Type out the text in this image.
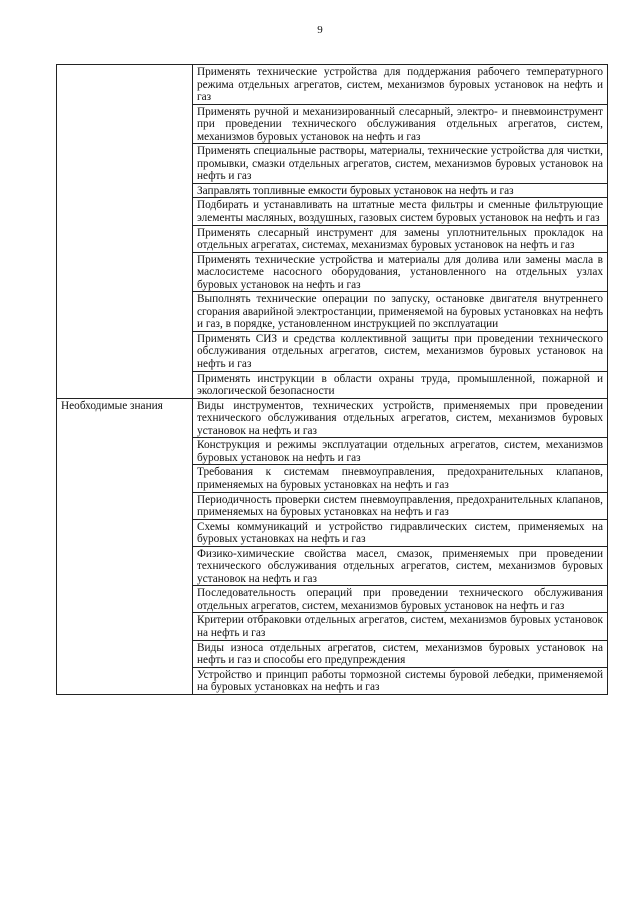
9
	Применять технические устройства для поддержания рабочего температурного режима отдельных агрегатов, систем, механизмов буровых установок на нефть и газ
	Применять ручной и механизированный слесарный, электро- и пневмоинструмент при проведении технического обслуживания отдельных агрегатов, систем, механизмов буровых установок на нефть и газ
	Применять специальные растворы, материалы, технические устройства для чистки, промывки, смазки отдельных агрегатов, систем, механизмов буровых установок на нефть и газ
	Заправлять топливные емкости буровых установок на нефть и газ
	Подбирать и устанавливать на штатные места фильтры и сменные фильтрующие элементы масляных, воздушных, газовых систем буровых установок на нефть и газ
	Применять слесарный инструмент для замены уплотнительных прокладок на отдельных агрегатах, системах, механизмах буровых установок на нефть и газ
	Применять технические устройства и материалы для долива или замены масла в маслосистеме насосного оборудования, установленного на отдельных узлах буровых установок на нефть и газ
	Выполнять технические операции по запуску, остановке двигателя внутреннего сгорания аварийной электростанции, применяемой на буровых установках на нефть и газ, в порядке, установленном инструкцией по эксплуатации
	Применять СИЗ и средства коллективной защиты при проведении технического обслуживания отдельных агрегатов, систем, механизмов буровых установок на нефть и газ
	Применять инструкции в области охраны труда, промышленной, пожарной и экологической безопасности
Необходимые знания	Виды инструментов, технических устройств, применяемых при проведении технического обслуживания отдельных агрегатов, систем, механизмов буровых установок на нефть и газ
	Конструкция и режимы эксплуатации отдельных агрегатов, систем, механизмов буровых установок на нефть и газ
	Требования к системам пневмоуправления, предохранительных клапанов, применяемых на буровых установках на нефть и газ
	Периодичность проверки систем пневмоуправления, предохранительных клапанов, применяемых на буровых установках на нефть и газ
	Схемы коммуникаций и устройство гидравлических систем, применяемых на буровых установках на нефть и газ
	Физико-химические свойства масел, смазок, применяемых при проведении технического обслуживания отдельных агрегатов, систем, механизмов буровых установок на нефть и газ
	Последовательность операций при проведении технического обслуживания отдельных агрегатов, систем, механизмов буровых установок на нефть и газ
	Критерии отбраковки отдельных агрегатов, систем, механизмов буровых установок на нефть и газ
	Виды износа отдельных агрегатов, систем, механизмов буровых установок на нефть и газ и способы его предупреждения
	Устройство и принцип работы тормозной системы буровой лебедки, применяемой на буровых установках на нефть и газ
